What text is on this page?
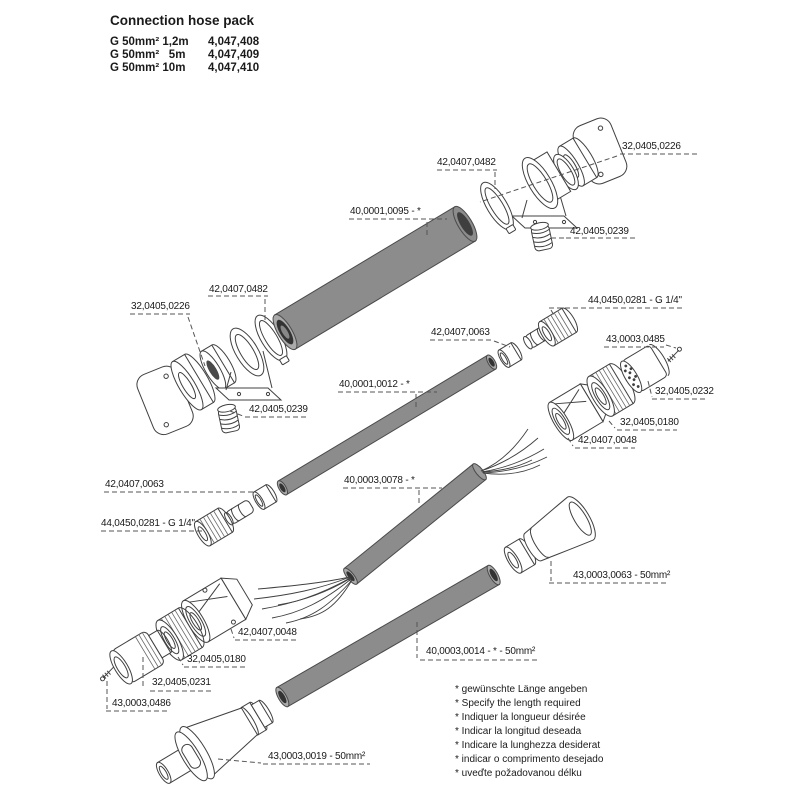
Connection hose pack
G 50mm² 1,2m 4,047,408
G 50mm²   5m 4,047,409
G 50mm² 10m 4,047,410
42,0407,0482
32,0405,0226
40,0001,0095 - *
42,0405,0239
42,0407,0482
32,0405,0226
42,0405,0239
44,0450,0281 - G 1/4"
42,0407,0063
43,0003,0485
32,0405,0232
32,0405,0180
42,0407,0048
40,0001,0012 - *
40,0003,0078 - *
42,0407,0063
44,0450,0281 - G 1/4"
43,0003,0063 - 50mm²
40,0003,0014 - * - 50mm²
42,0407,0048
32,0405,0180
32,0405,0231
43,0003,0486
43,0003,0019 - 50mm²
* gewünschte Länge angeben
* Specify the length required
* Indiquer la longueur désirée
* Indicar la longitud deseada
* Indicare la lunghezza desiderat
* indicar o comprimento desejado
* uveďte požadovanou délku
